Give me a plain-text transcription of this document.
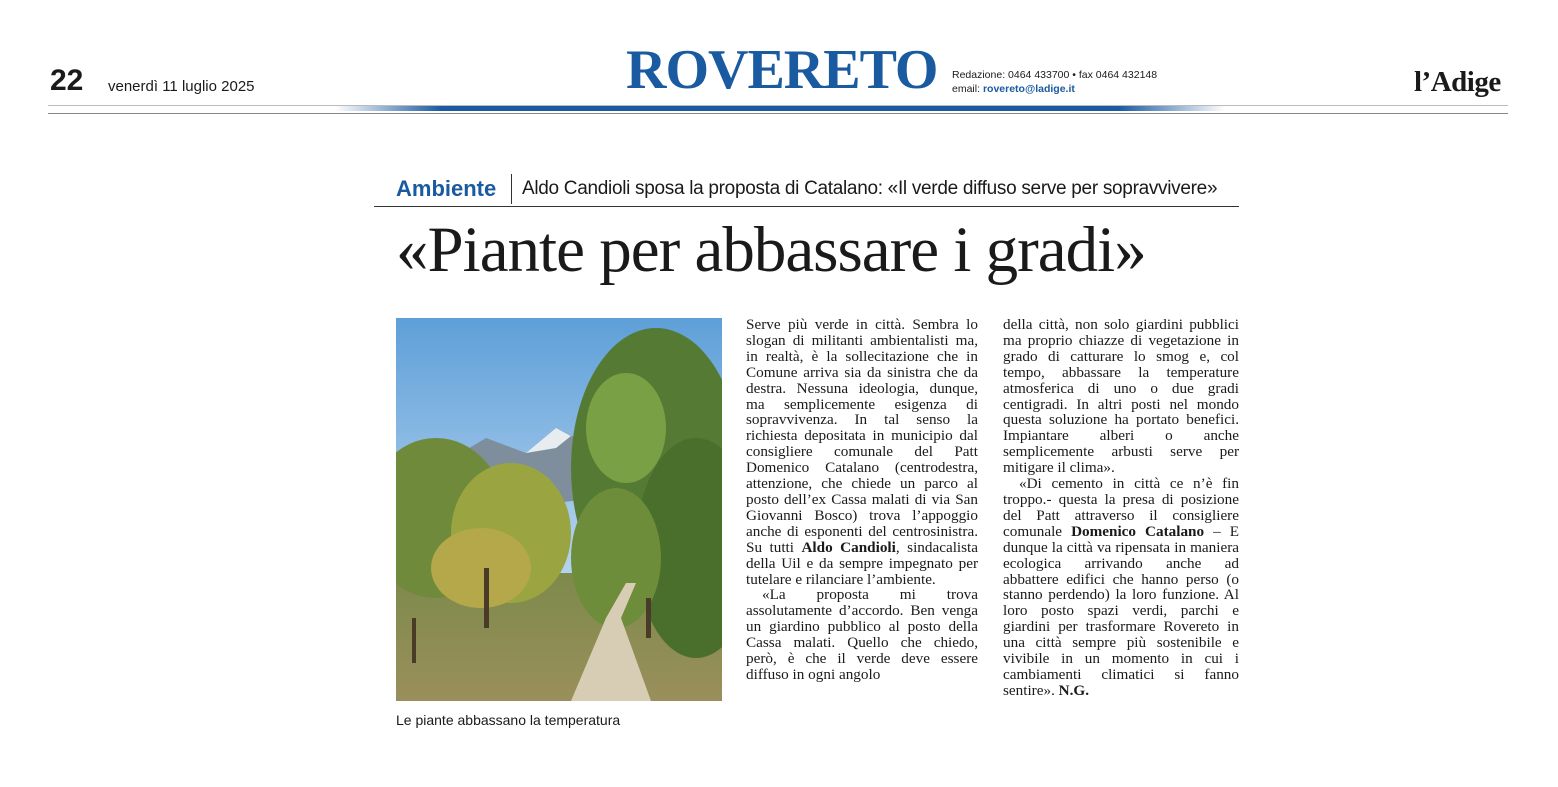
22 venerdì 11 luglio 2025	ROVERETO Redazione: 0464 433700 • fax 0464 432148
email: rovereto@ladige.it	l’Adige
Ambiente Aldo Candioli sposa la proposta di Catalano: «Il verde diffuso serve per sopravvivere»
«Piante per abbassare i gradi»
Le piante abbassano la temperatura

Serve più verde in città. Sembra lo slogan di militanti ambientalisti ma, in realtà, è la sollecitazione che in Comune arriva sia da sinistra che da destra. Nessuna ideologia, dunque, ma semplicemente esigenza di sopravvivenza. In tal senso la richiesta depositata in municipio dal consigliere comunale del Patt Domenico Catalano (centrodestra, attenzione, che chiede un parco al posto dell’ex Cassa malati di via San Giovanni Bosco) trova l’appoggio anche di esponenti del centrosinistra. Su tutti Aldo Candioli, sindacalista della Uil e da sempre impegnato per tutelare e rilanciare l’ambiente.

«La proposta mi trova assolutamente d’accordo. Ben venga un giardino pubblico al posto della Cassa malati. Quello che chiedo, però, è che il verde deve essere diffuso in ogni angolo

della città, non solo giardini pubblici ma proprio chiazze di vegetazione in grado di catturare lo smog e, col tempo, abbassare la temperature atmosferica di uno o due gradi centigradi. In altri posti nel mondo questa soluzione ha portato benefici. Impiantare alberi o anche semplicemente arbusti serve per mitigare il clima».

«Di cemento in città ce n’è fin troppo.- questa la presa di posizione del Patt attraverso il consigliere comunale Domenico Catalano – E dunque la città va ripensata in maniera ecologica arrivando anche ad abbattere edifici che hanno perso (o stanno perdendo) la loro funzione. Al loro posto spazi verdi, parchi e giardini per trasformare Rovereto in una città sempre più sostenibile e vivibile in un momento in cui i cambiamenti climatici si fanno sentire». N.G.
